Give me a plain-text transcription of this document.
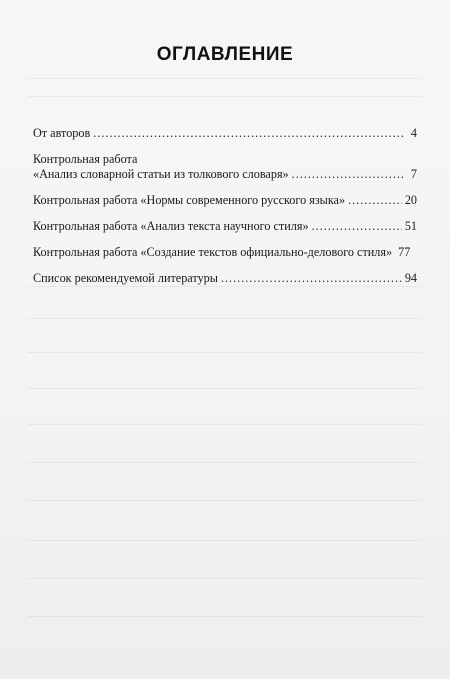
ОГЛАВЛЕНИЕ
От авторов .....	4
Контрольная работа
«Анализ словарной статьи из толкового словаря» .....	7
Контрольная работа «Нормы современного русского языка» .....	20
Контрольная работа «Анализ текста научного стиля» .....	51
Контрольная работа «Создание текстов официально-делового стиля» 77
Список рекомендуемой литературы .....	94
